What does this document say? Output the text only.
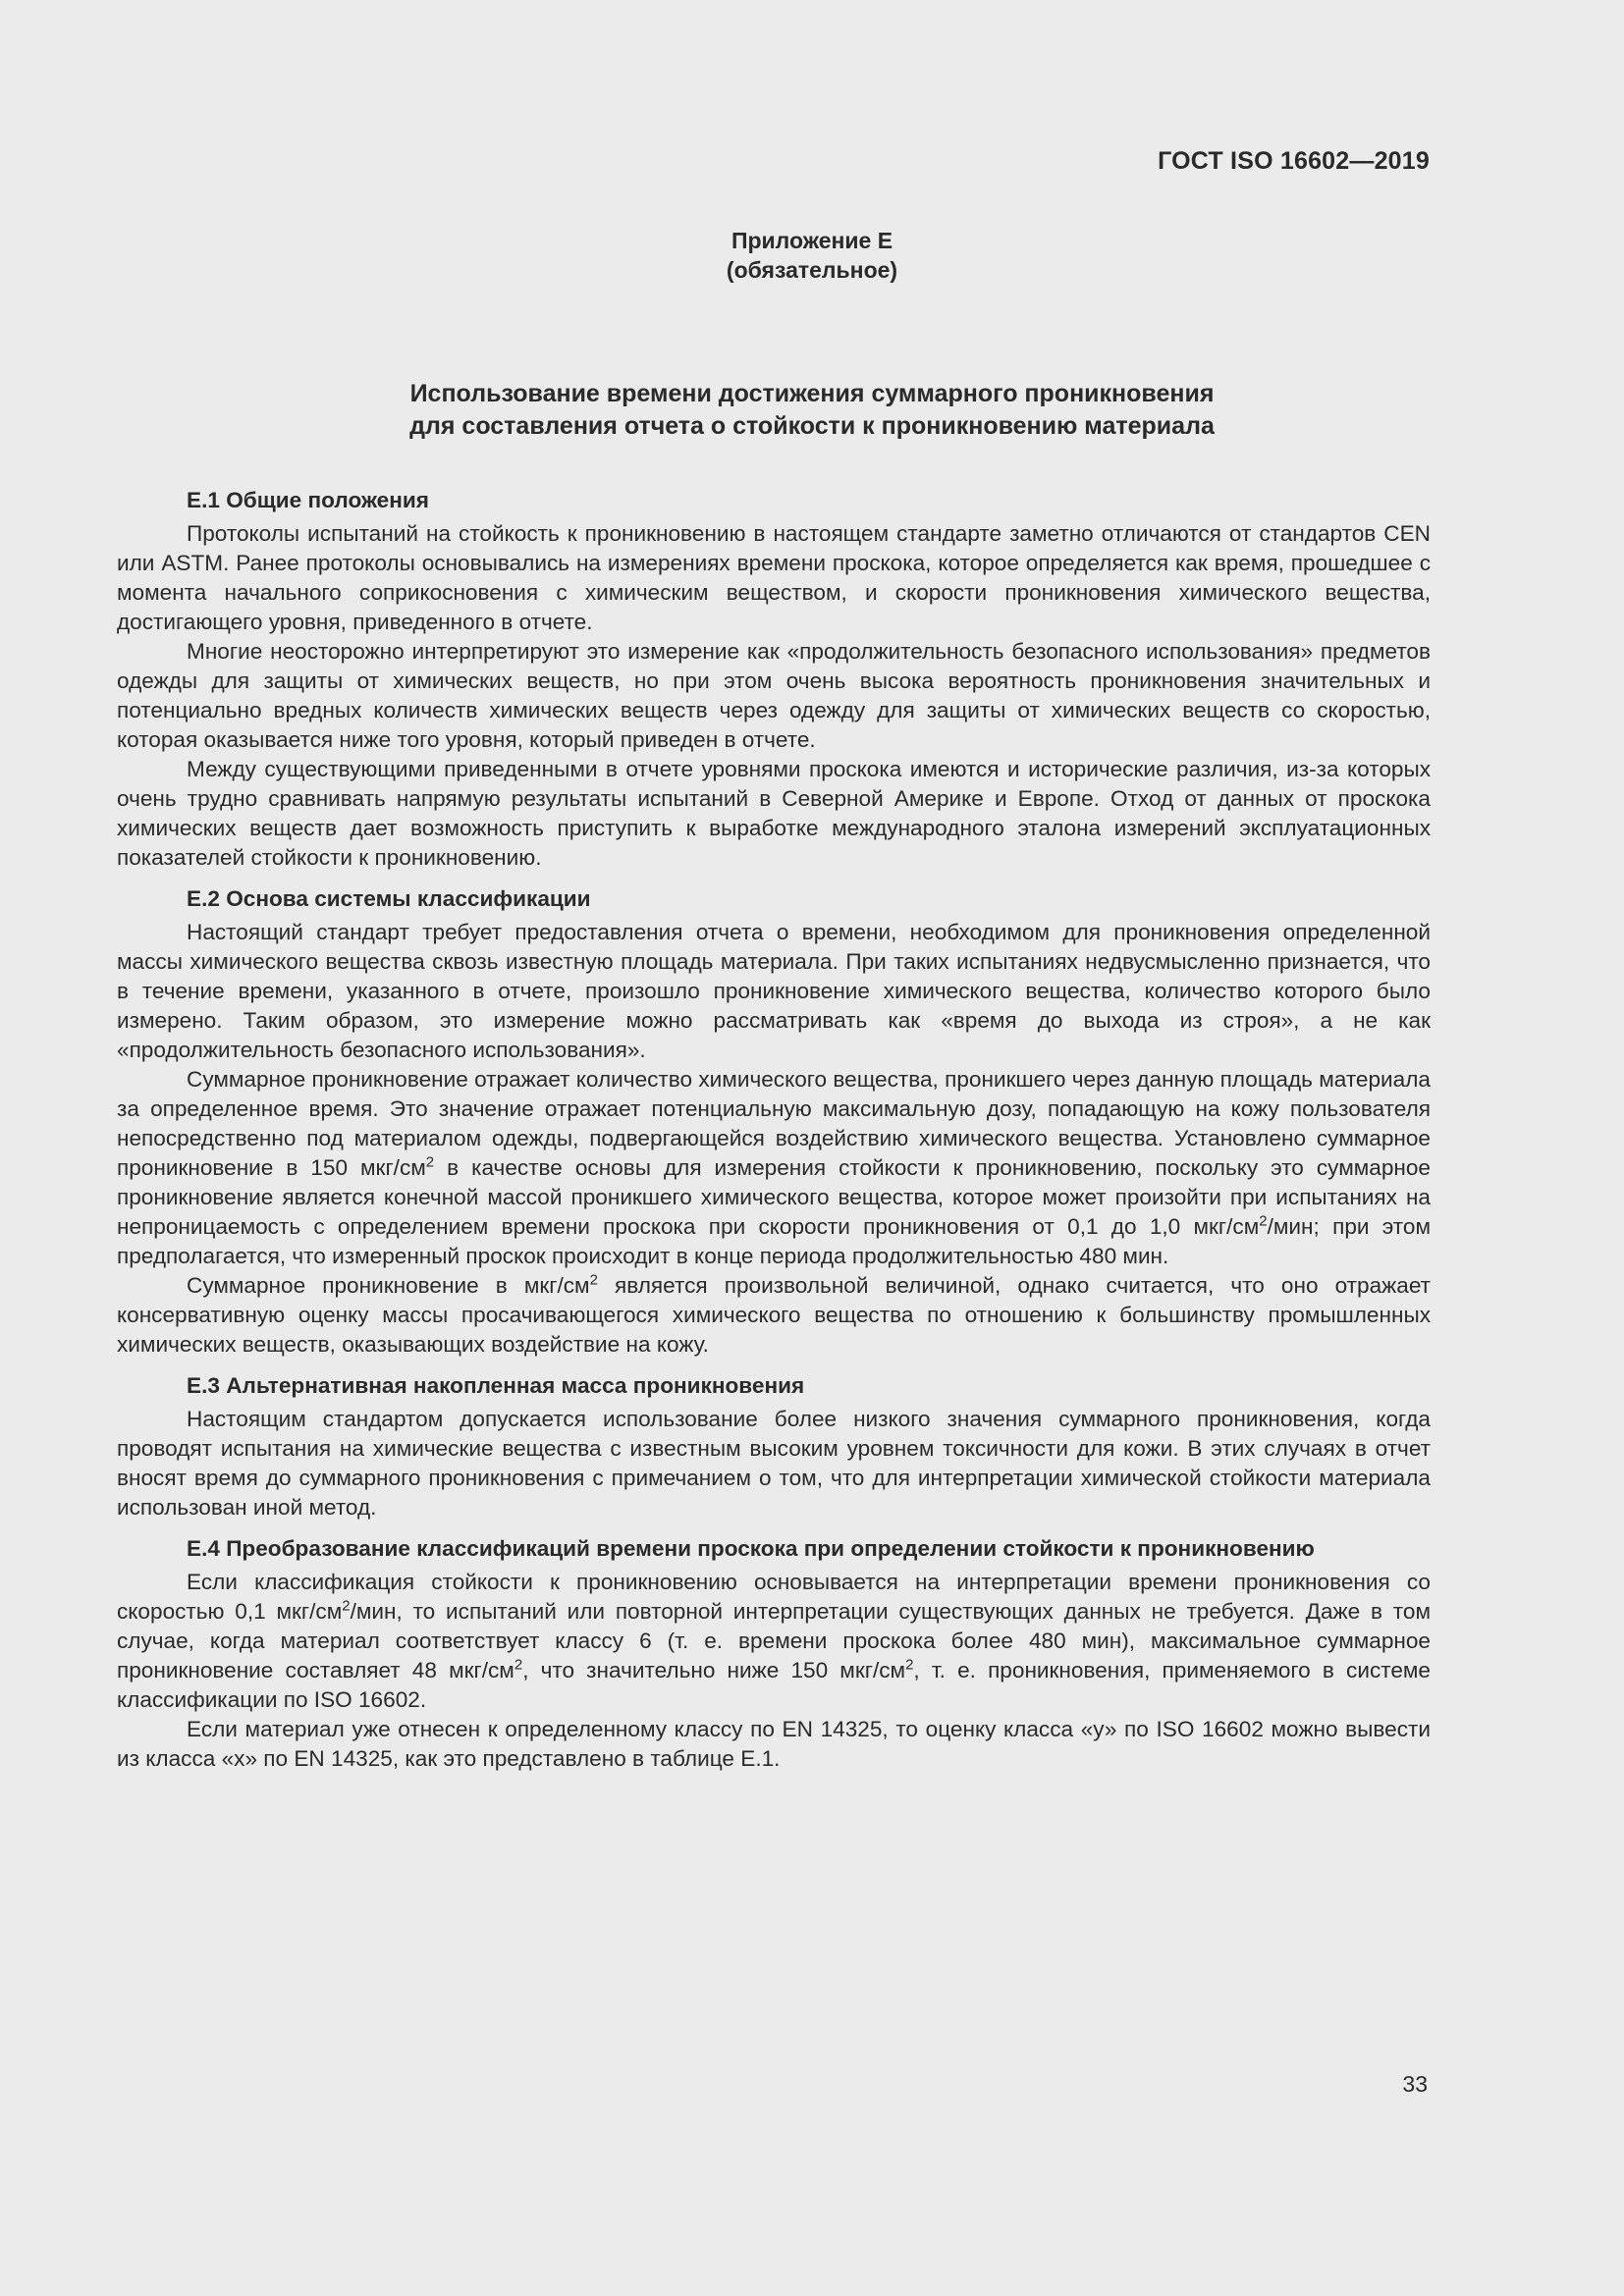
ГОСТ ISO 16602—2019
Приложение Е
(обязательное)
Использование времени достижения суммарного проникновения
для составления отчета о стойкости к проникновению материала
Е.1 Общие положения

Протоколы испытаний на стойкость к проникновению в настоящем стандарте заметно отличаются от стандартов CEN или ASTM. Ранее протоколы основывались на измерениях времени проскока, которое определяется как время, прошедшее с момента начального соприкосновения с химическим веществом, и скорости проникновения химического вещества, достигающего уровня, приведенного в отчете.

Многие неосторожно интерпретируют это измерение как «продолжительность безопасного использования» предметов одежды для защиты от химических веществ, но при этом очень высока вероятность проникновения значительных и потенциально вредных количеств химических веществ через одежду для защиты от химических веществ со скоростью, которая оказывается ниже того уровня, который приведен в отчете.

Между существующими приведенными в отчете уровнями проскока имеются и исторические различия, из-за которых очень трудно сравнивать напрямую результаты испытаний в Северной Америке и Европе. Отход от данных от проскока химических веществ дает возможность приступить к выработке международного эталона измерений эксплуатационных показателей стойкости к проникновению.

Е.2 Основа системы классификации

Настоящий стандарт требует предоставления отчета о времени, необходимом для проникновения определенной массы химического вещества сквозь известную площадь материала. При таких испытаниях недвусмысленно признается, что в течение времени, указанного в отчете, произошло проникновение химического вещества, количество которого было измерено. Таким образом, это измерение можно рассматривать как «время до выхода из строя», а не как «продолжительность безопасного использования».

Суммарное проникновение отражает количество химического вещества, проникшего через данную площадь материала за определенное время. Это значение отражает потенциальную максимальную дозу, попадающую на кожу пользователя непосредственно под материалом одежды, подвергающейся воздействию химического вещества. Установлено суммарное проникновение в 150 мкг/$см^2$ в качестве основы для измерения стойкости к проникновению, поскольку это суммарное проникновение является конечной массой проникшего химического вещества, которое может произойти при испытаниях на непроницаемость с определением времени проскока при скорости проникновения от 0,1 до 1,0 мкг/$см^2$/мин; при этом предполагается, что измеренный проскок происходит в конце периода продолжительностью 480 мин.

Суммарное проникновение в мкг/$см^2$ является произвольной величиной, однако считается, что оно отражает консервативную оценку массы просачивающегося химического вещества по отношению к большинству промышленных химических веществ, оказывающих воздействие на кожу.

Е.3 Альтернативная накопленная масса проникновения

Настоящим стандартом допускается использование более низкого значения суммарного проникновения, когда проводят испытания на химические вещества с известным высоким уровнем токсичности для кожи. В этих случаях в отчет вносят время до суммарного проникновения с примечанием о том, что для интерпретации химической стойкости материала использован иной метод.

Е.4 Преобразование классификаций времени проскока при определении стойкости к проникновению

Если классификация стойкости к проникновению основывается на интерпретации времени проникновения со скоростью 0,1 мкг/$см^2$/мин, то испытаний или повторной интерпретации существующих данных не требуется. Даже в том случае, когда материал соответствует классу 6 (т. е. времени проскока более 480 мин), максимальное суммарное проникновение составляет 48 мкг/$см^2$, что значительно ниже 150 мкг/$см^2$, т. е. проникновения, применяемого в системе классификации по ISO 16602.

Если материал уже отнесен к определенному классу по EN 14325, то оценку класса «у» по ISO 16602 можно вывести из класса «х» по EN 14325, как это представлено в таблице Е.1.

33
